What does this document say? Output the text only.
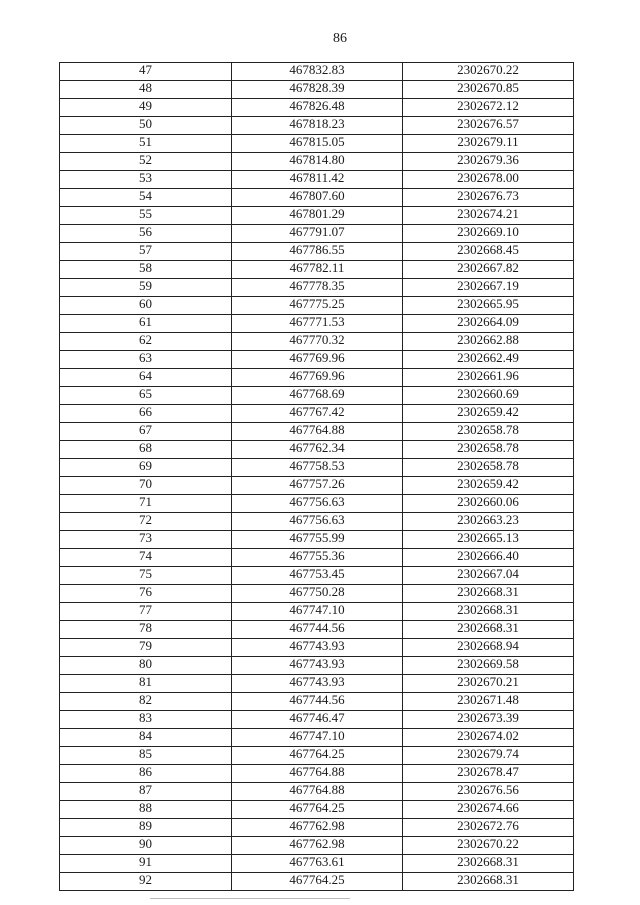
86
47	467832.83	2302670.22
48	467828.39	2302670.85
49	467826.48	2302672.12
50	467818.23	2302676.57
51	467815.05	2302679.11
52	467814.80	2302679.36
53	467811.42	2302678.00
54	467807.60	2302676.73
55	467801.29	2302674.21
56	467791.07	2302669.10
57	467786.55	2302668.45
58	467782.11	2302667.82
59	467778.35	2302667.19
60	467775.25	2302665.95
61	467771.53	2302664.09
62	467770.32	2302662.88
63	467769.96	2302662.49
64	467769.96	2302661.96
65	467768.69	2302660.69
66	467767.42	2302659.42
67	467764.88	2302658.78
68	467762.34	2302658.78
69	467758.53	2302658.78
70	467757.26	2302659.42
71	467756.63	2302660.06
72	467756.63	2302663.23
73	467755.99	2302665.13
74	467755.36	2302666.40
75	467753.45	2302667.04
76	467750.28	2302668.31
77	467747.10	2302668.31
78	467744.56	2302668.31
79	467743.93	2302668.94
80	467743.93	2302669.58
81	467743.93	2302670.21
82	467744.56	2302671.48
83	467746.47	2302673.39
84	467747.10	2302674.02
85	467764.25	2302679.74
86	467764.88	2302678.47
87	467764.88	2302676.56
88	467764.25	2302674.66
89	467762.98	2302672.76
90	467762.98	2302670.22
91	467763.61	2302668.31
92	467764.25	2302668.31
